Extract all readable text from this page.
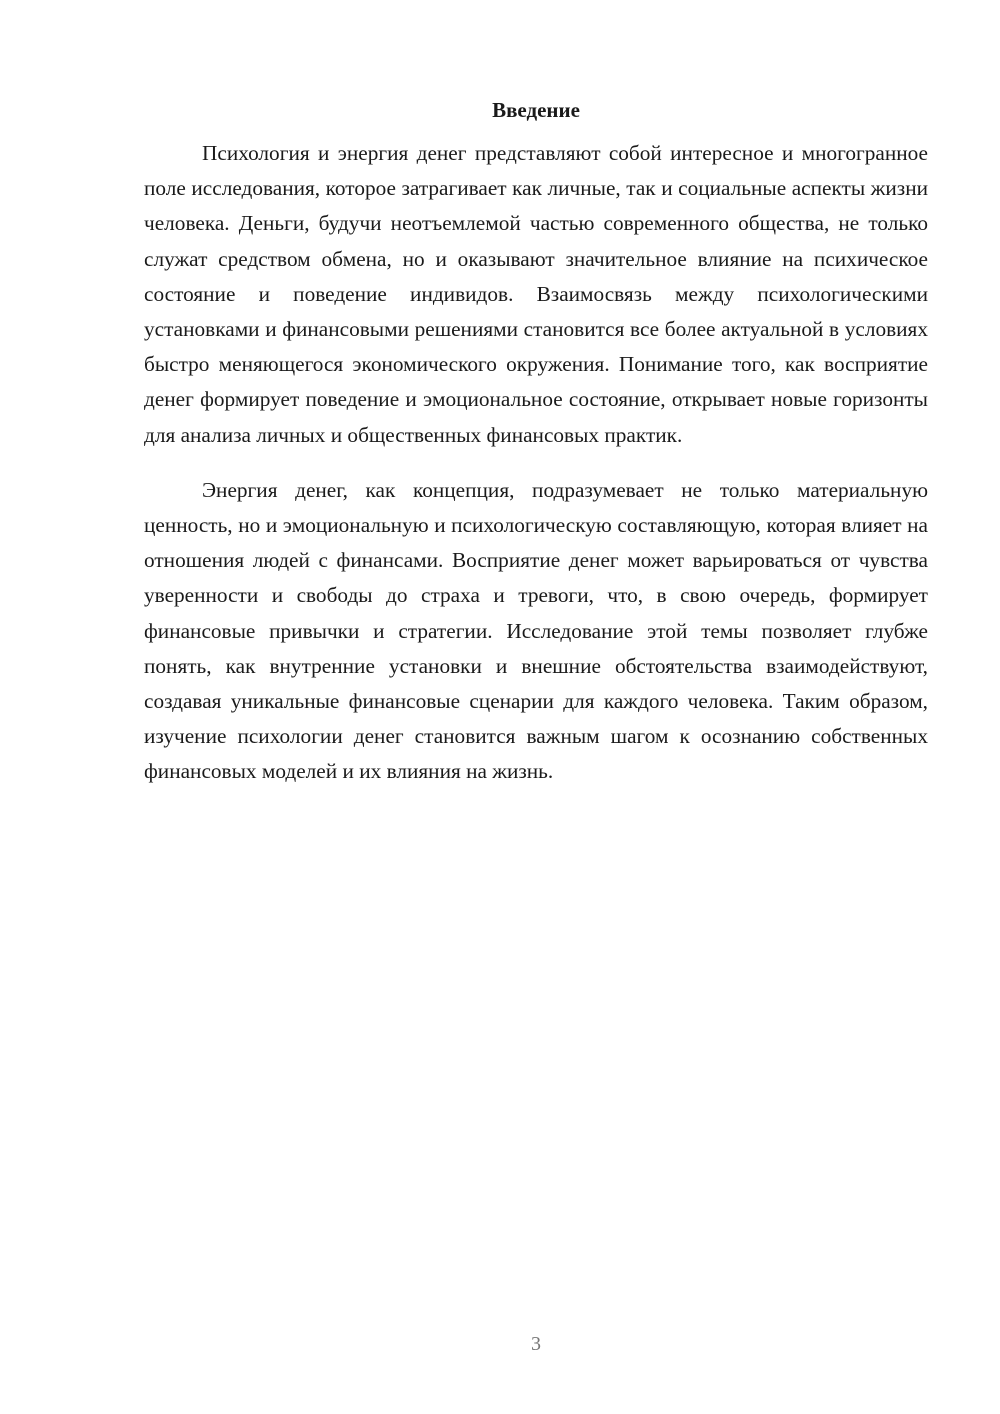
Введение

Психология и энергия денег представляют собой интересное и многогранное поле исследования, которое затрагивает как личные, так и социальные аспекты жизни человека. Деньги, будучи неотъемлемой частью современного общества, не только служат средством обмена, но и оказывают значительное влияние на психическое состояние и поведение индивидов. Взаимосвязь между психологическими установками и финансовыми решениями становится все более актуальной в условиях быстро меняющегося экономического окружения. Понимание того, как восприятие денег формирует поведение и эмоциональное состояние, открывает новые горизонты для анализа личных и общественных финансовых практик.

Энергия денег, как концепция, подразумевает не только материальную ценность, но и эмоциональную и психологическую составляющую, которая влияет на отношения людей с финансами. Восприятие денег может варьироваться от чувства уверенности и свободы до страха и тревоги, что, в свою очередь, формирует финансовые привычки и стратегии. Исследование этой темы позволяет глубже понять, как внутренние установки и внешние обстоятельства взаимодействуют, создавая уникальные финансовые сценарии для каждого человека. Таким образом, изучение психологии денег становится важным шагом к осознанию собственных финансовых моделей и их влияния на жизнь.

3
